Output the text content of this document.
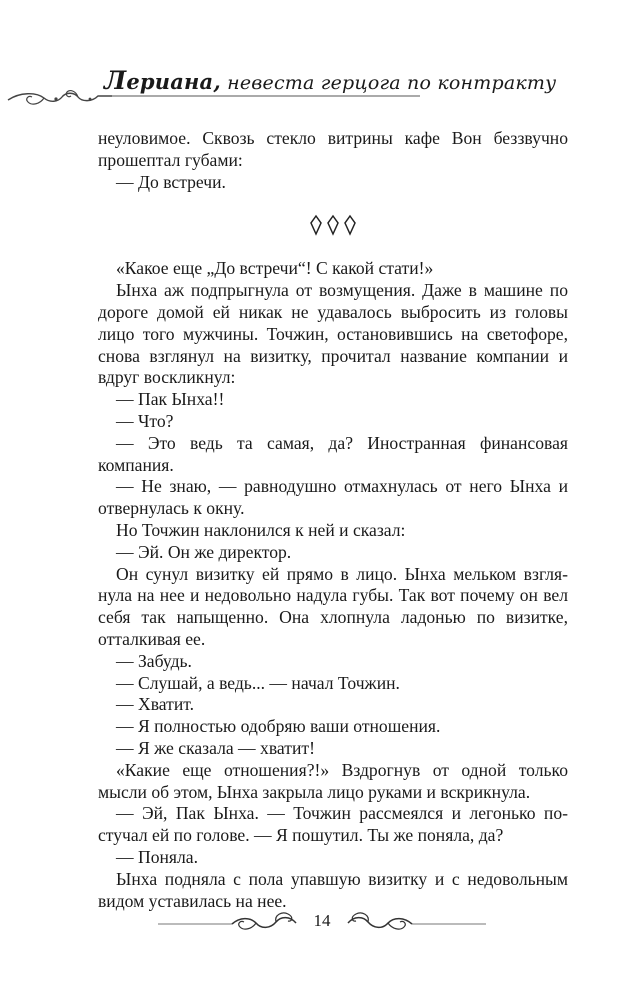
Лериана, невеста герцога по контракту

неуловимое. Сквозь стекло витрины кафе Вон беззвучно прошептал губами:

— До встречи.

«Какое еще „До встречи“! С какой стати!»

Ынха аж подпрыгнула от возмущения. Даже в машине по дороге домой ей никак не удавалось выбросить из головы лицо того мужчины. Точжин, остановившись на светофоре, снова взглянул на визитку, прочитал название компании и вдруг воскликнул:

— Пак Ынха!!

— Что?

— Это ведь та самая, да? Иностранная финансовая компания.

— Не знаю, — равнодушно отмахнулась от него Ынха и отвернулась к окну.

Но Точжин наклонился к ней и сказал:

— Эй. Он же директор.

Он сунул визитку ей прямо в лицо. Ынха мельком взглянула на нее и недовольно надула губы. Так вот почему он вел себя так напыщенно. Она хлопнула ладонью по визитке, отталкивая ее.

— Забудь.

— Слушай, а ведь... — начал Точжин.

— Хватит.

— Я полностью одобряю ваши отношения.

— Я же сказала — хватит!

«Какие еще отношения?!» Вздрогнув от одной только мысли об этом, Ынха закрыла лицо руками и вскрикнула.

— Эй, Пак Ынха. — Точжин рассмеялся и легонько постучал ей по голове. — Я пошутил. Ты же поняла, да?

— Поняла.

Ынха подняла с пола упавшую визитку и с недовольным видом уставилась на нее.

14
